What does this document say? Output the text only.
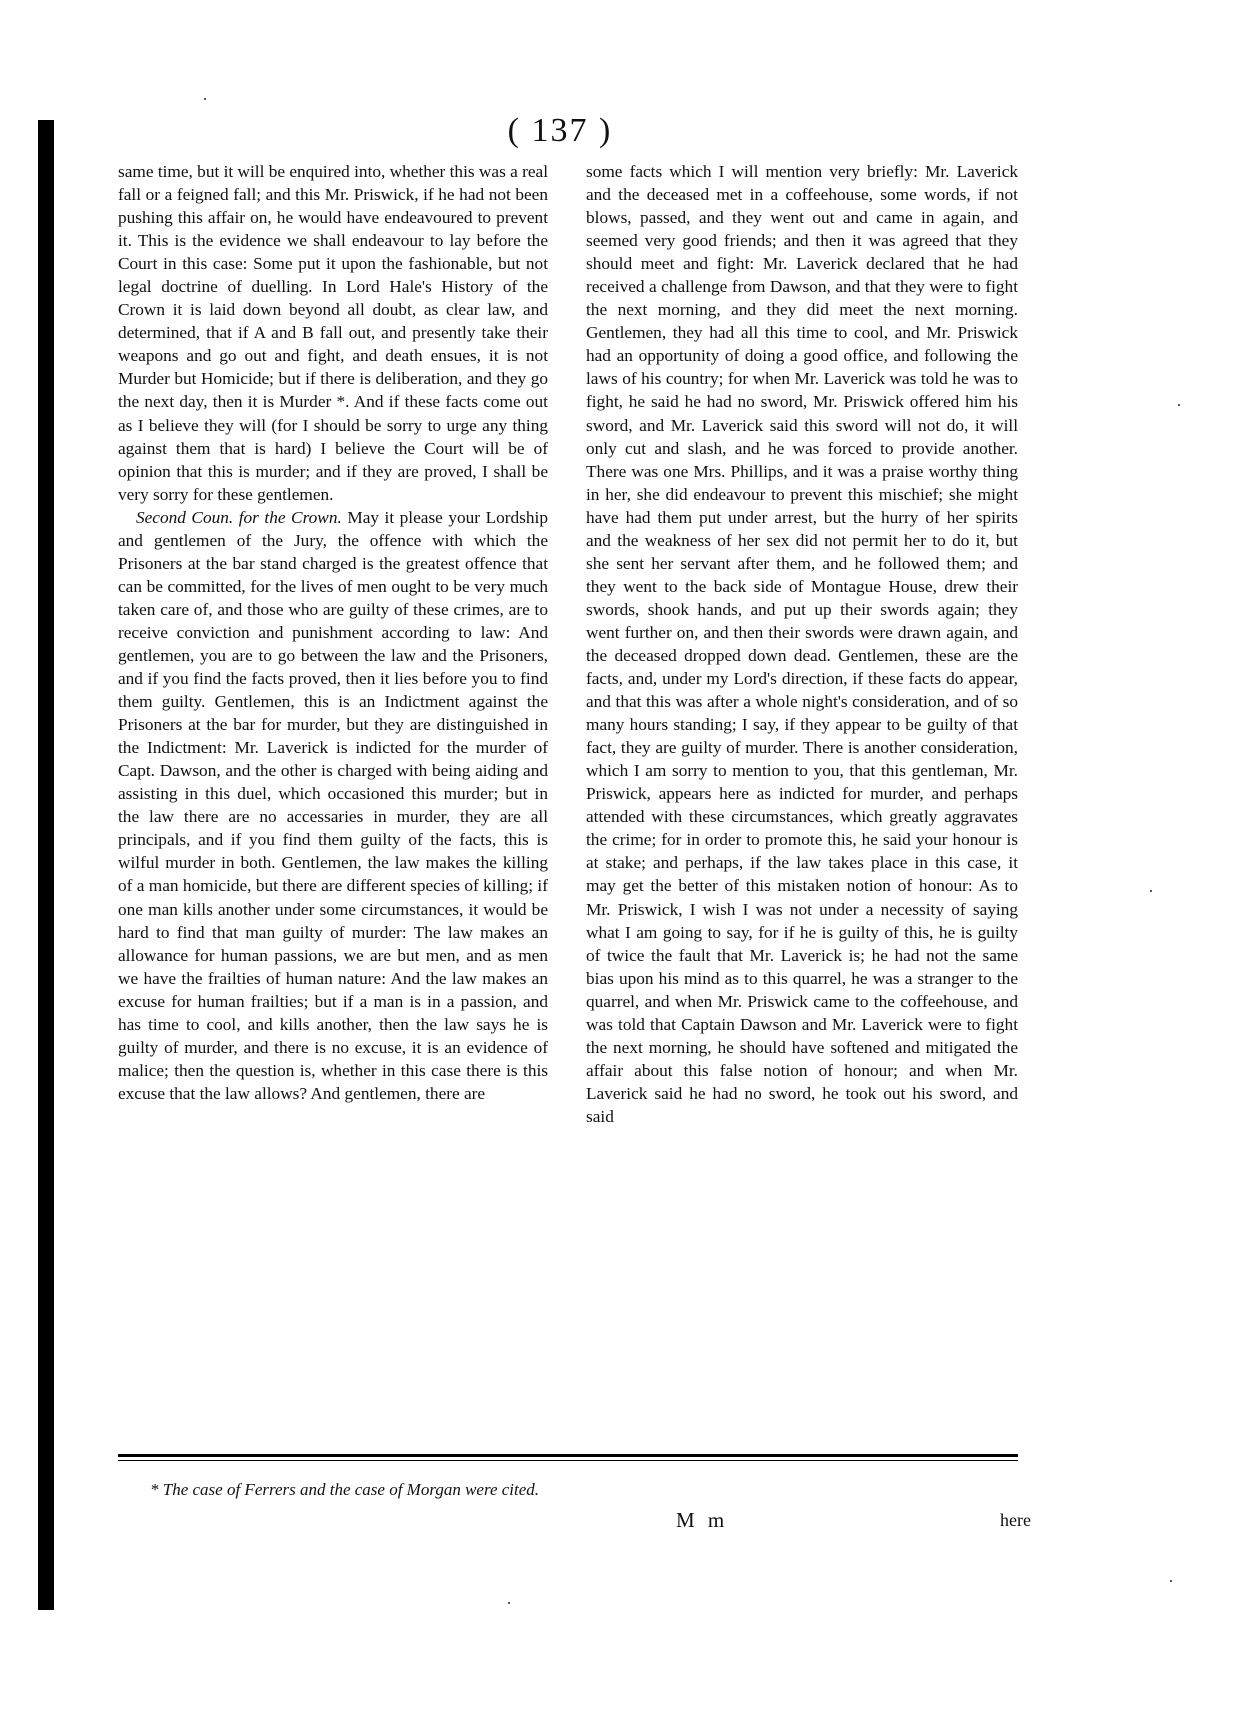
( 137 )

same time, but it will be enquired into, whether this was a real fall or a feigned fall; and this Mr. Priswick, if he had not been pushing this affair on, he would have endeavoured to prevent it. This is the evidence we shall endeavour to lay before the Court in this case: Some put it upon the fashionable, but not legal doctrine of duelling. In Lord Hale's History of the Crown it is laid down beyond all doubt, as clear law, and determined, that if A and B fall out, and presently take their weapons and go out and fight, and death ensues, it is not Murder but Homicide; but if there is deliberation, and they go the next day, then it is Murder *. And if these facts come out as I believe they will (for I should be sorry to urge any thing against them that is hard) I believe the Court will be of opinion that this is murder; and if they are proved, I shall be very sorry for these gentlemen.

Second Coun. for the Crown. May it please your Lordship and gentlemen of the Jury, the offence with which the Prisoners at the bar stand charged is the greatest offence that can be committed, for the lives of men ought to be very much taken care of, and those who are guilty of these crimes, are to receive conviction and punishment according to law: And gentlemen, you are to go between the law and the Prisoners, and if you find the facts proved, then it lies before you to find them guilty. Gentlemen, this is an Indictment against the Prisoners at the bar for murder, but they are distinguished in the Indictment: Mr. Laverick is indicted for the murder of Capt. Dawson, and the other is charged with being aiding and assisting in this duel, which occasioned this murder; but in the law there are no accessaries in murder, they are all principals, and if you find them guilty of the facts, this is wilful murder in both. Gentlemen, the law makes the killing of a man homicide, but there are different species of killing; if one man kills another under some circumstances, it would be hard to find that man guilty of murder: The law makes an allowance for human passions, we are but men, and as men we have the frailties of human nature: And the law makes an excuse for human frailties; but if a man is in a passion, and has time to cool, and kills another, then the law says he is guilty of murder, and there is no excuse, it is an evidence of malice; then the question is, whether in this case there is this excuse that the law allows? And gentlemen, there are

some facts which I will mention very briefly: Mr. Laverick and the deceased met in a coffeehouse, some words, if not blows, passed, and they went out and came in again, and seemed very good friends; and then it was agreed that they should meet and fight: Mr. Laverick declared that he had received a challenge from Dawson, and that they were to fight the next morning, and they did meet the next morning. Gentlemen, they had all this time to cool, and Mr. Priswick had an opportunity of doing a good office, and following the laws of his country; for when Mr. Laverick was told he was to fight, he said he had no sword, Mr. Priswick offered him his sword, and Mr. Laverick said this sword will not do, it will only cut and slash, and he was forced to provide another. There was one Mrs. Phillips, and it was a praise worthy thing in her, she did endeavour to prevent this mischief; she might have had them put under arrest, but the hurry of her spirits and the weakness of her sex did not permit her to do it, but she sent her servant after them, and he followed them; and they went to the back side of Montague House, drew their swords, shook hands, and put up their swords again; they went further on, and then their swords were drawn again, and the deceased dropped down dead. Gentlemen, these are the facts, and, under my Lord's direction, if these facts do appear, and that this was after a whole night's consideration, and of so many hours standing; I say, if they appear to be guilty of that fact, they are guilty of murder. There is another consideration, which I am sorry to mention to you, that this gentleman, Mr. Priswick, appears here as indicted for murder, and perhaps attended with these circumstances, which greatly aggravates the crime; for in order to promote this, he said your honour is at stake; and perhaps, if the law takes place in this case, it may get the better of this mistaken notion of honour: As to Mr. Priswick, I wish I was not under a necessity of saying what I am going to say, for if he is guilty of this, he is guilty of twice the fault that Mr. Laverick is; he had not the same bias upon his mind as to this quarrel, he was a stranger to the quarrel, and when Mr. Priswick came to the coffeehouse, and was told that Captain Dawson and Mr. Laverick were to fight the next morning, he should have softened and mitigated the affair about this false notion of honour; and when Mr. Laverick said he had no sword, he took out his sword, and said

* The case of Ferrers and the case of Morgan were cited.
M m	here
